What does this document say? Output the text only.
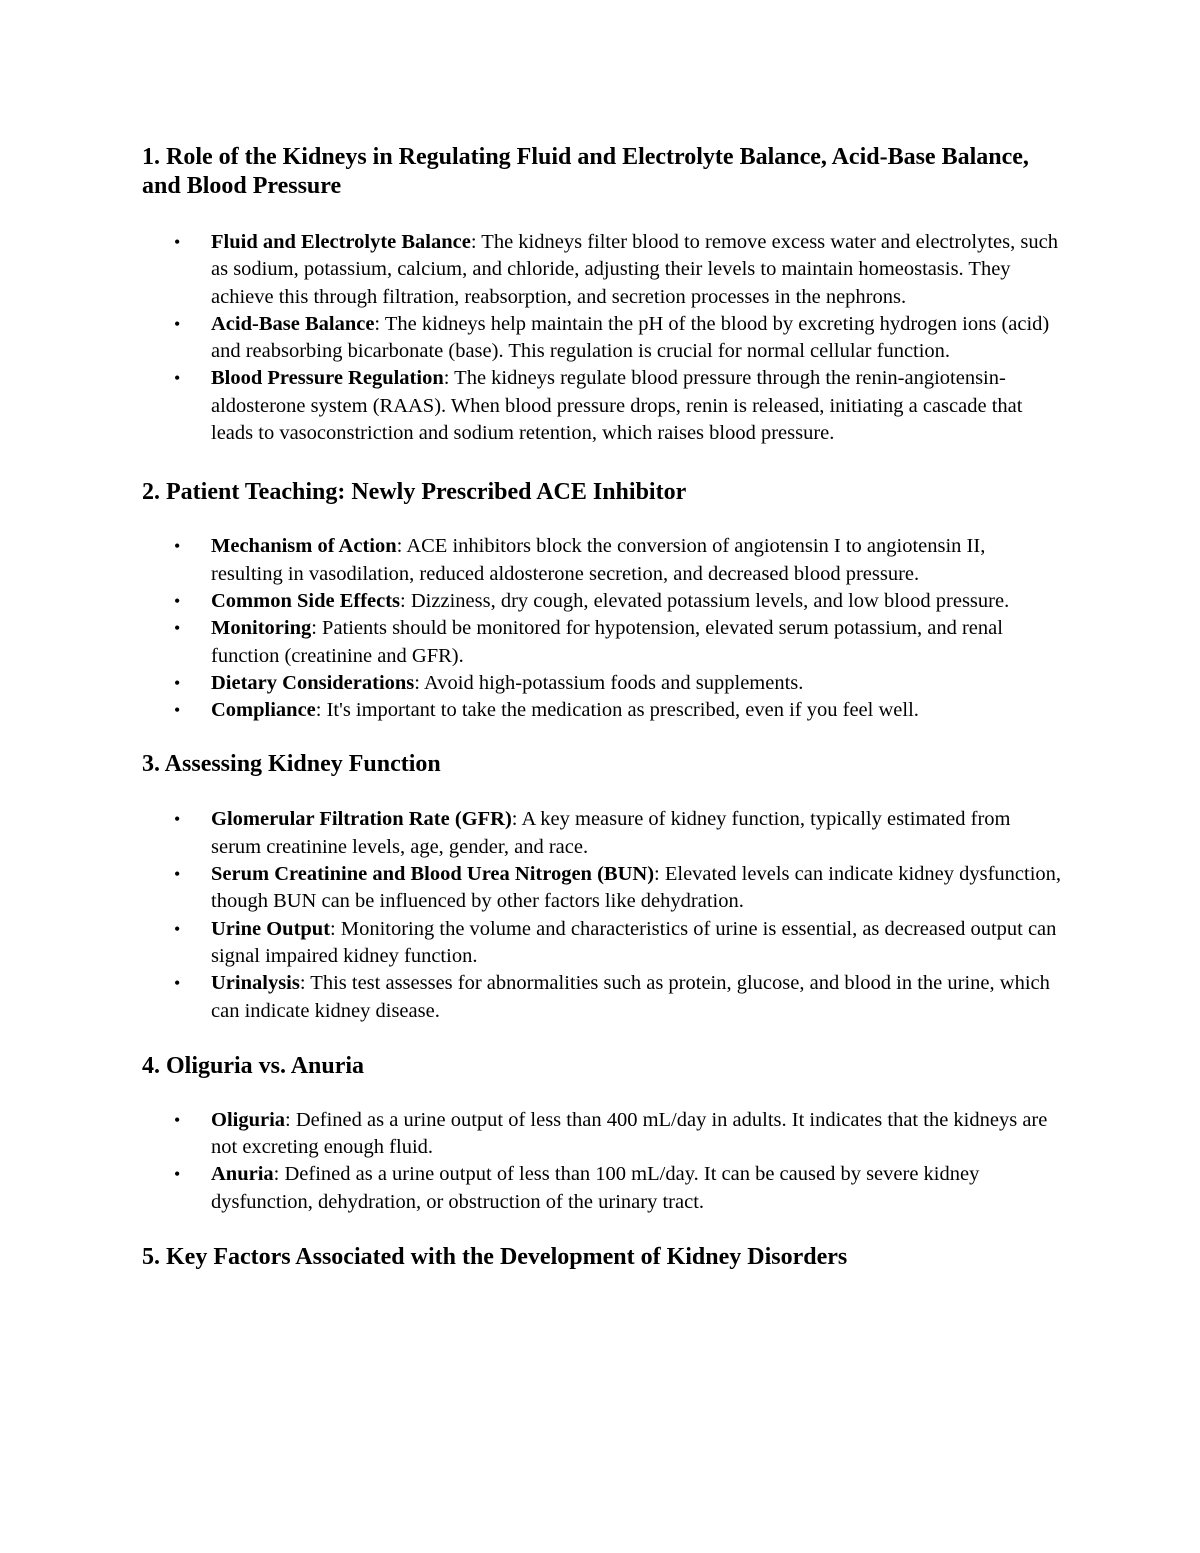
1. Role of the Kidneys in Regulating Fluid and Electrolyte Balance, Acid-Base Balance, and Blood Pressure
• Fluid and Electrolyte Balance: The kidneys filter blood to remove excess water and electrolytes, such as sodium, potassium, calcium, and chloride, adjusting their levels to maintain homeostasis. They achieve this through filtration, reabsorption, and secretion processes in the nephrons.
• Acid-Base Balance: The kidneys help maintain the pH of the blood by excreting hydrogen ions (acid) and reabsorbing bicarbonate (base). This regulation is crucial for normal cellular function.
• Blood Pressure Regulation: The kidneys regulate blood pressure through the renin-angiotensin-aldosterone system (RAAS). When blood pressure drops, renin is released, initiating a cascade that leads to vasoconstriction and sodium retention, which raises blood pressure.
2. Patient Teaching: Newly Prescribed ACE Inhibitor
• Mechanism of Action: ACE inhibitors block the conversion of angiotensin I to angiotensin II, resulting in vasodilation, reduced aldosterone secretion, and decreased blood pressure.
• Common Side Effects: Dizziness, dry cough, elevated potassium levels, and low blood pressure.
• Monitoring: Patients should be monitored for hypotension, elevated serum potassium, and renal function (creatinine and GFR).
• Dietary Considerations: Avoid high-potassium foods and supplements.
• Compliance: It's important to take the medication as prescribed, even if you feel well.
3. Assessing Kidney Function
• Glomerular Filtration Rate (GFR): A key measure of kidney function, typically estimated from serum creatinine levels, age, gender, and race.
• Serum Creatinine and Blood Urea Nitrogen (BUN): Elevated levels can indicate kidney dysfunction, though BUN can be influenced by other factors like dehydration.
• Urine Output: Monitoring the volume and characteristics of urine is essential, as decreased output can signal impaired kidney function.
• Urinalysis: This test assesses for abnormalities such as protein, glucose, and blood in the urine, which can indicate kidney disease.
4. Oliguria vs. Anuria
• Oliguria: Defined as a urine output of less than 400 mL/day in adults. It indicates that the kidneys are not excreting enough fluid.
• Anuria: Defined as a urine output of less than 100 mL/day. It can be caused by severe kidney dysfunction, dehydration, or obstruction of the urinary tract.
5. Key Factors Associated with the Development of Kidney Disorders
